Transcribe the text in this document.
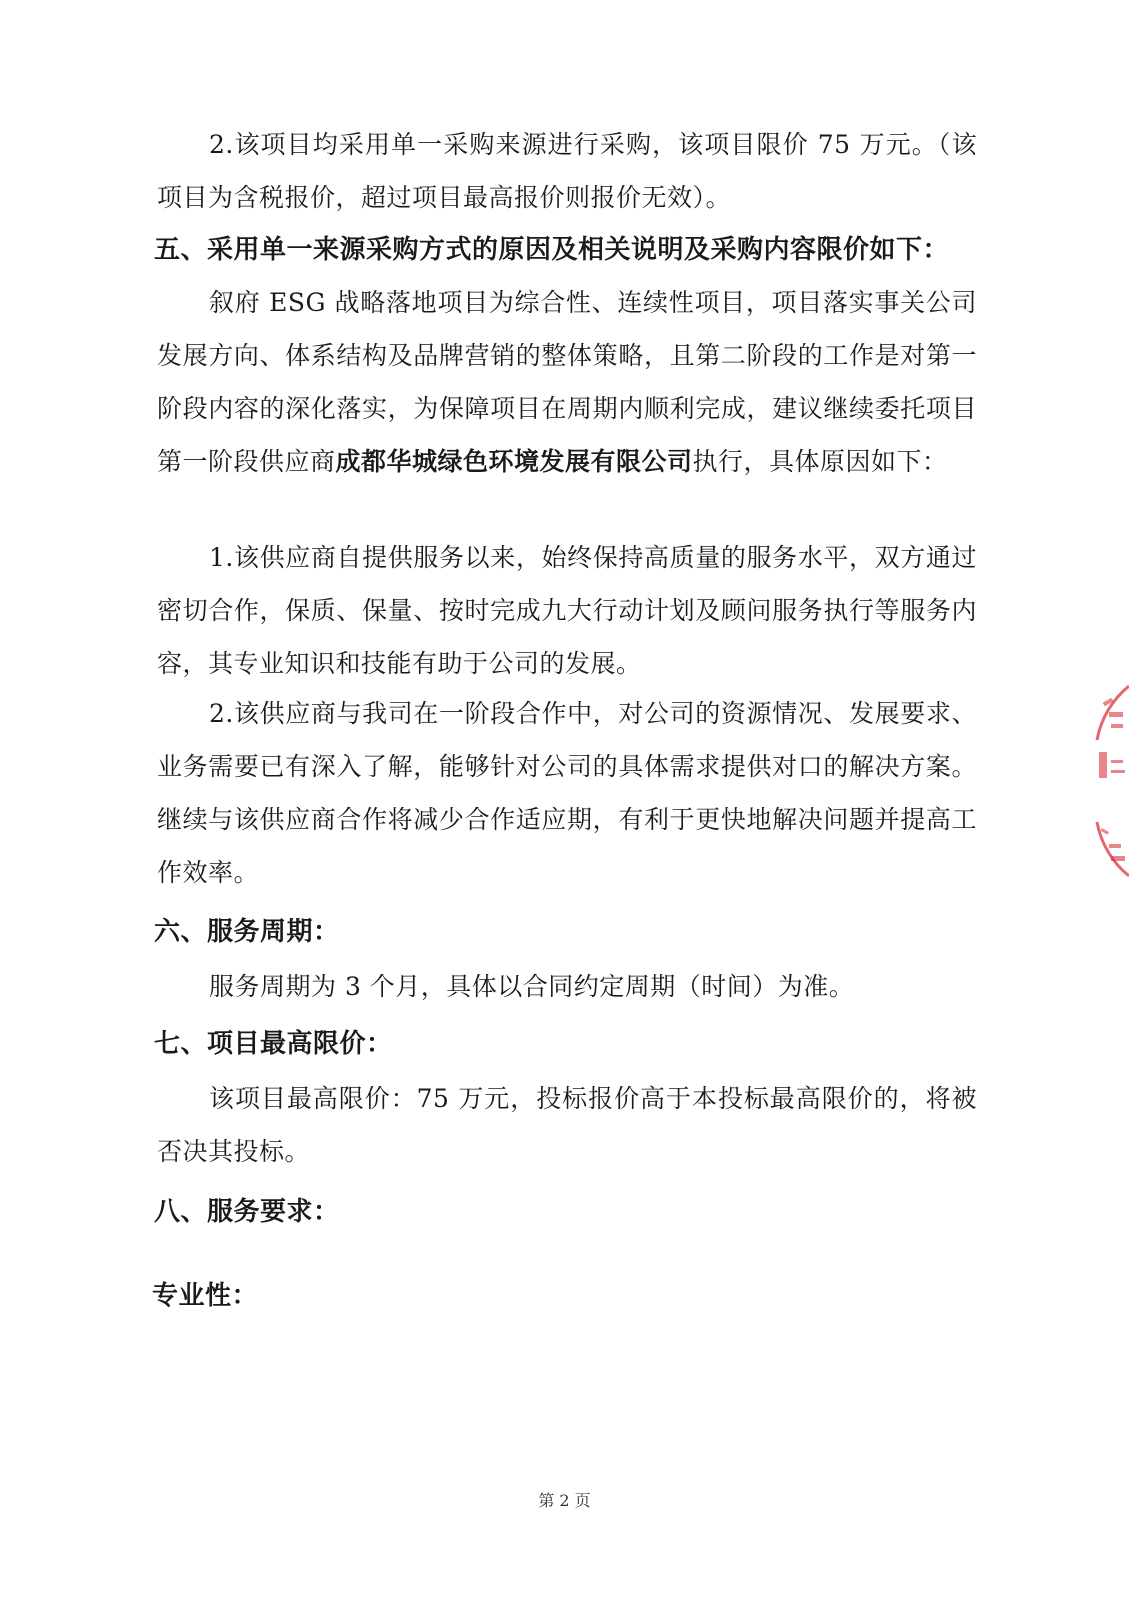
2.该项目均采用单一采购来源进行采购，该项目限价 75 万元。（该项目为含税报价，超过项目最高报价则报价无效）。

五、采用单一来源采购方式的原因及相关说明及采购内容限价如下：

叙府 ESG 战略落地项目为综合性、连续性项目，项目落实事关公司发展方向、体系结构及品牌营销的整体策略，且第二阶段的工作是对第一阶段内容的深化落实，为保障项目在周期内顺利完成，建议继续委托项目第一阶段供应商成都华城绿色环境发展有限公司执行，具体原因如下：

1.该供应商自提供服务以来，始终保持高质量的服务水平，双方通过密切合作，保质、保量、按时完成九大行动计划及顾问服务执行等服务内容，其专业知识和技能有助于公司的发展。

2.该供应商与我司在一阶段合作中，对公司的资源情况、发展要求、业务需要已有深入了解，能够针对公司的具体需求提供对口的解决方案。继续与该供应商合作将减少合作适应期，有利于更快地解决问题并提高工作效率。

六、服务周期：

服务周期为 3 个月，具体以合同约定周期（时间）为准。

七、项目最高限价：

该项目最高限价：75 万元，投标报价高于本投标最高限价的，将被否决其投标。

八、服务要求：
专业性：
第 2 页
